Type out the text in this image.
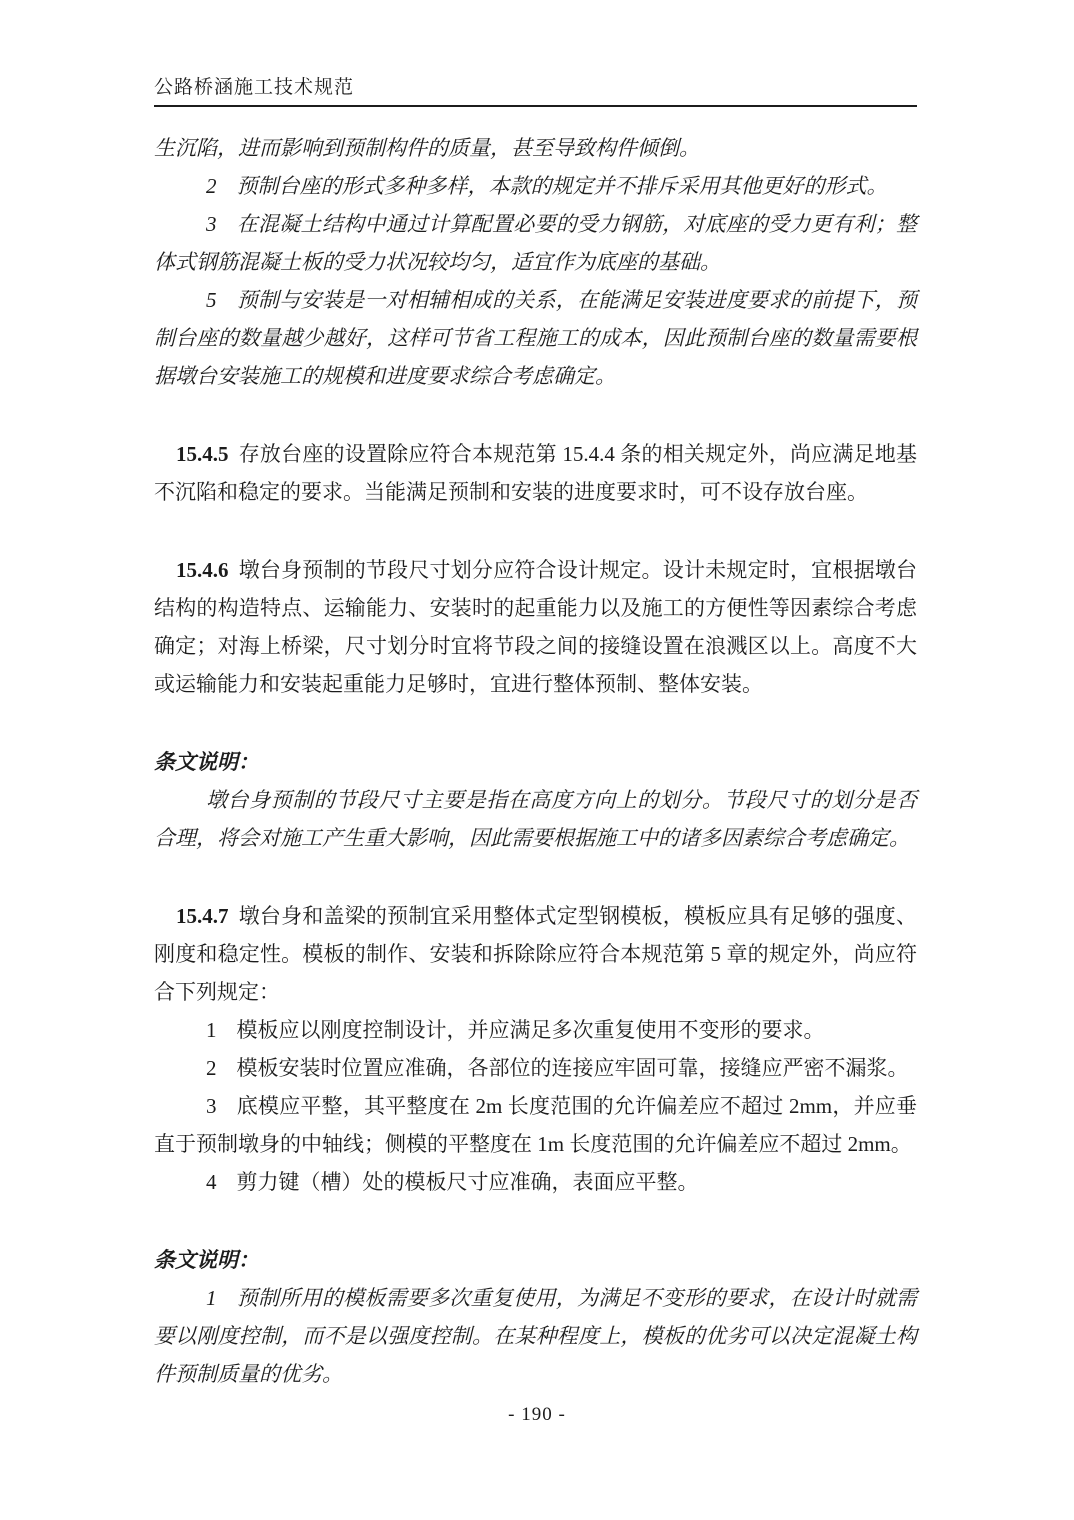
公路桥涵施工技术规范

生沉陷，进而影响到预制构件的质量，甚至导致构件倾倒。

2 预制台座的形式多种多样，本款的规定并不排斥采用其他更好的形式。

3 在混凝土结构中通过计算配置必要的受力钢筋，对底座的受力更有利；整体式钢筋混凝土板的受力状况较均匀，适宜作为底座的基础。

5 预制与安装是一对相辅相成的关系，在能满足安装进度要求的前提下，预制台座的数量越少越好，这样可节省工程施工的成本，因此预制台座的数量需要根据墩台安装施工的规模和进度要求综合考虑确定。

15.4.5 存放台座的设置除应符合本规范第 15.4.4 条的相关规定外，尚应满足地基不沉陷和稳定的要求。当能满足预制和安装的进度要求时，可不设存放台座。

15.4.6 墩台身预制的节段尺寸划分应符合设计规定。设计未规定时，宜根据墩台结构的构造特点、运输能力、安装时的起重能力以及施工的方便性等因素综合考虑确定；对海上桥梁，尺寸划分时宜将节段之间的接缝设置在浪溅区以上。高度不大或运输能力和安装起重能力足够时，宜进行整体预制、整体安装。

条文说明：

墩台身预制的节段尺寸主要是指在高度方向上的划分。节段尺寸的划分是否合理，将会对施工产生重大影响，因此需要根据施工中的诸多因素综合考虑确定。

15.4.7 墩台身和盖梁的预制宜采用整体式定型钢模板，模板应具有足够的强度、刚度和稳定性。模板的制作、安装和拆除除应符合本规范第 5 章的规定外，尚应符合下列规定：

1 模板应以刚度控制设计，并应满足多次重复使用不变形的要求。

2 模板安装时位置应准确，各部位的连接应牢固可靠，接缝应严密不漏浆。

3 底模应平整，其平整度在 2m 长度范围的允许偏差应不超过 2mm，并应垂直于预制墩身的中轴线；侧模的平整度在 1m 长度范围的允许偏差应不超过 2mm。

4 剪力键（槽）处的模板尺寸应准确，表面应平整。

条文说明：

1 预制所用的模板需要多次重复使用，为满足不变形的要求，在设计时就需要以刚度控制，而不是以强度控制。在某种程度上，模板的优劣可以决定混凝土构件预制质量的优劣。

- 190 -
